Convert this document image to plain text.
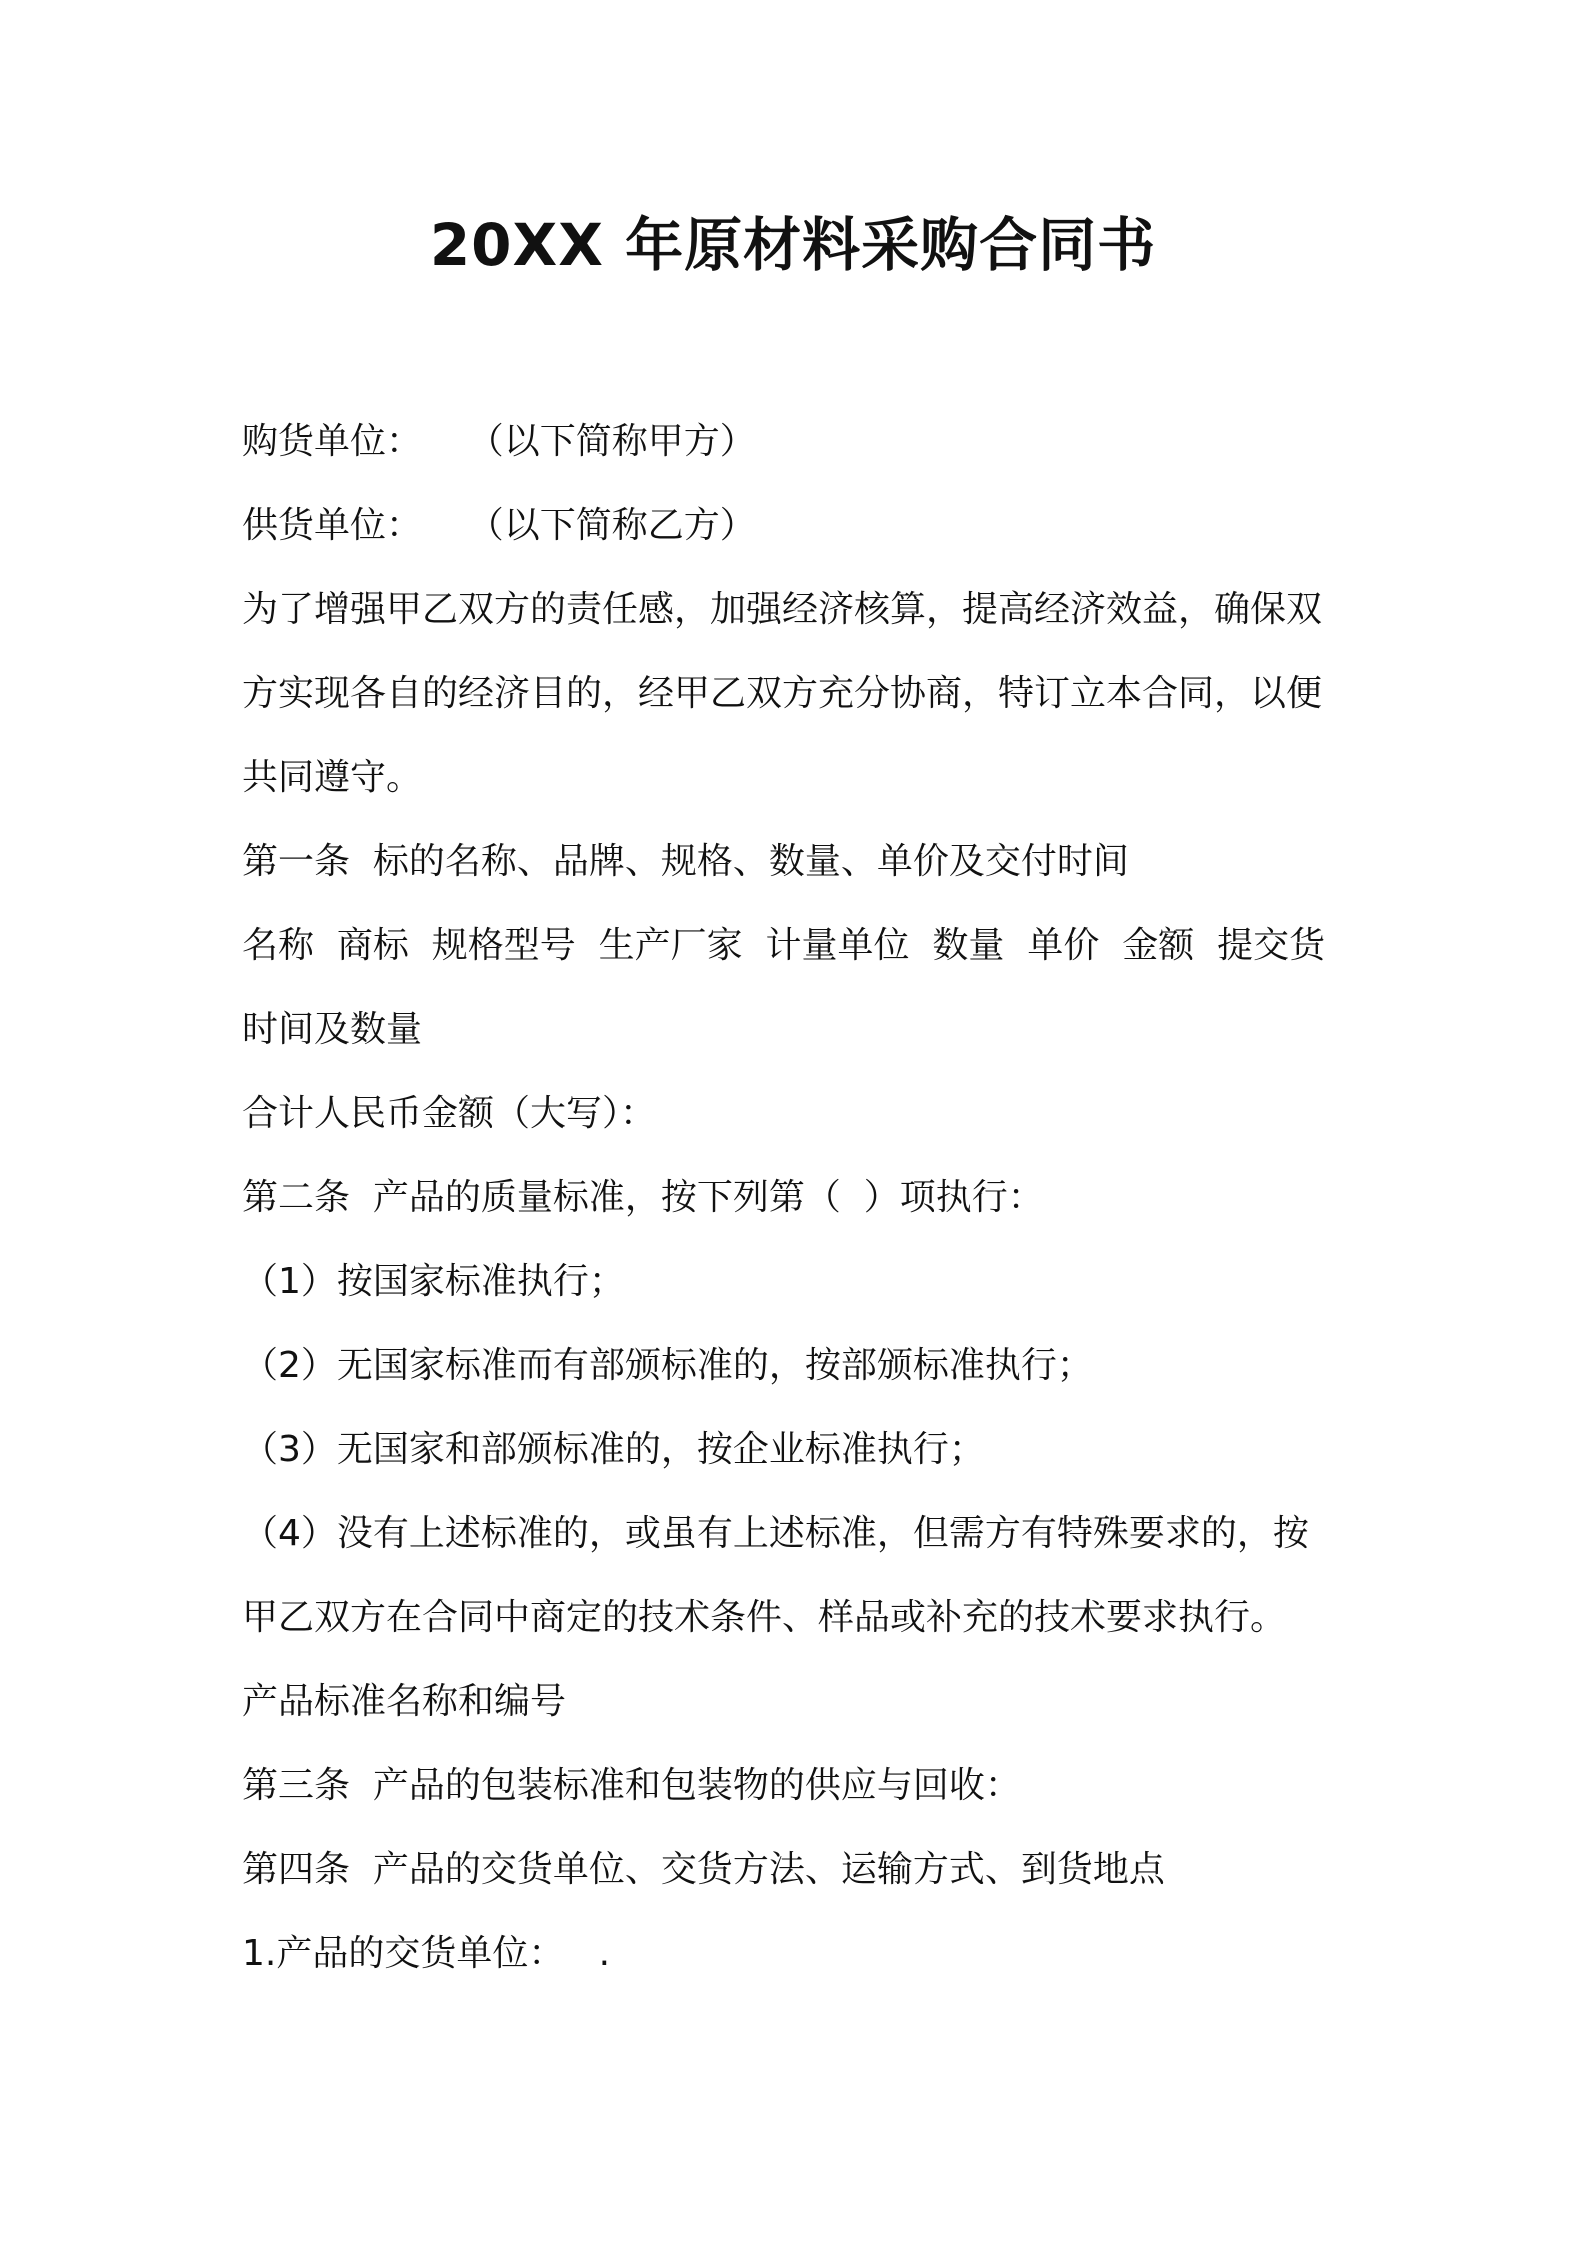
20XX 年原材料采购合同书

购货单位：    （以下简称甲方）

供货单位：    （以下简称乙方）

为了增强甲乙双方的责任感，加强经济核算，提高经济效益，确保双

方实现各自的经济目的，经甲乙双方充分协商，特订立本合同，以便

共同遵守。

第一条  标的名称、品牌、规格、数量、单价及交付时间

名称  商标  规格型号  生产厂家  计量单位  数量  单价  金额  提交货

时间及数量

合计人民币金额（大写）：

第二条  产品的质量标准，按下列第（  ）项执行：

（1）按国家标准执行；

（2）无国家标准而有部颁标准的，按部颁标准执行；

（3）无国家和部颁标准的，按企业标准执行；

（4）没有上述标准的，或虽有上述标准，但需方有特殊要求的，按

甲乙双方在合同中商定的技术条件、样品或补充的技术要求执行。

产品标准名称和编号

第三条  产品的包装标准和包装物的供应与回收：

第四条  产品的交货单位、交货方法、运输方式、到货地点

1.产品的交货单位：   .
